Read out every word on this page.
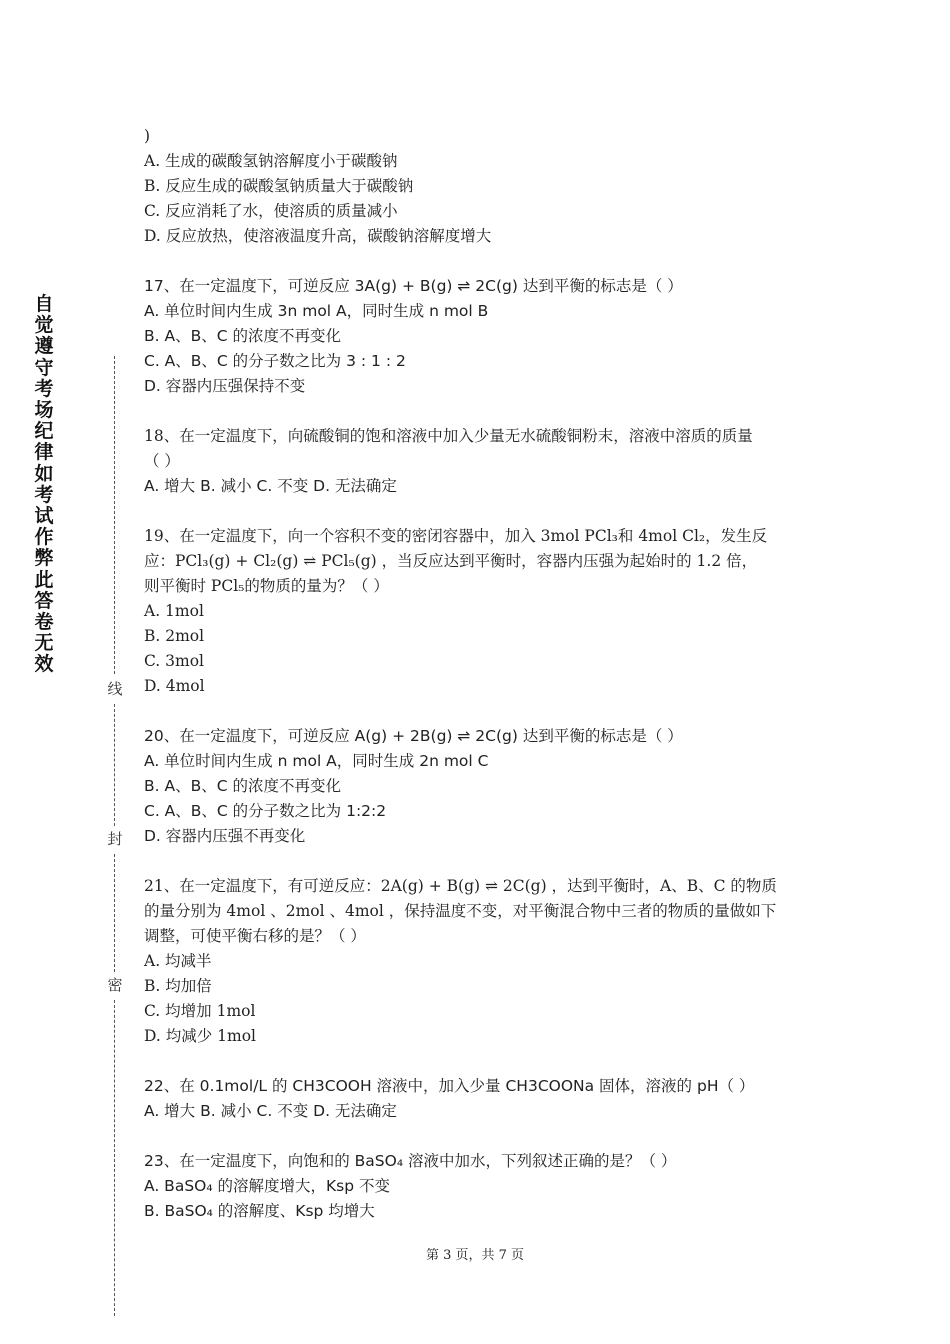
自觉遵守考场纪律如考试作弊此答卷无效
线
封
密
)
A. 生成的碳酸氢钠溶解度小于碳酸钠
B. 反应生成的碳酸氢钠质量大于碳酸钠
C. 反应消耗了水，使溶质的质量减小
D. 反应放热，使溶液温度升高，碳酸钠溶解度增大
17、在一定温度下，可逆反应 3A(g) + B(g) ⇌ 2C(g) 达到平衡的标志是（ ）
A. 单位时间内生成 3n mol A，同时生成 n mol B
B. A、B、C 的浓度不再变化
C. A、B、C 的分子数之比为 3 : 1 : 2
D. 容器内压强保持不变
18、在一定温度下，向硫酸铜的饱和溶液中加入少量无水硫酸铜粉末，溶液中溶质的质量
（ ）
A. 增大 B. 减小 C. 不变 D. 无法确定
19、在一定温度下，向一个容积不变的密闭容器中，加入 3mol PCl₃和 4mol Cl₂，发生反
应：PCl₃(g) + Cl₂(g) ⇌ PCl₅(g) ，当反应达到平衡时，容器内压强为起始时的 1.2 倍，
则平衡时 PCl₅的物质的量为？（ ）
A. 1mol
B. 2mol
C. 3mol
D. 4mol
20、在一定温度下，可逆反应 A(g) + 2B(g) ⇌ 2C(g) 达到平衡的标志是（ ）
A. 单位时间内生成 n mol A，同时生成 2n mol C
B. A、B、C 的浓度不再变化
C. A、B、C 的分子数之比为 1:2:2
D. 容器内压强不再变化
21、在一定温度下，有可逆反应：2A(g) + B(g) ⇌ 2C(g) ，达到平衡时，A、B、C 的物质
的量分别为 4mol 、2mol 、4mol ，保持温度不变，对平衡混合物中三者的物质的量做如下
调整，可使平衡右移的是？（ ）
A. 均减半
B. 均加倍
C. 均增加 1mol
D. 均减少 1mol
22、在 0.1mol/L 的 CH3COOH 溶液中，加入少量 CH3COONa 固体，溶液的 pH（ ）
A. 增大 B. 减小 C. 不变 D. 无法确定
23、在一定温度下，向饱和的 BaSO₄ 溶液中加水，下列叙述正确的是？（ ）
A. BaSO₄ 的溶解度增大，Ksp 不变
B. BaSO₄ 的溶解度、Ksp 均增大
第 3 页，共 7 页
